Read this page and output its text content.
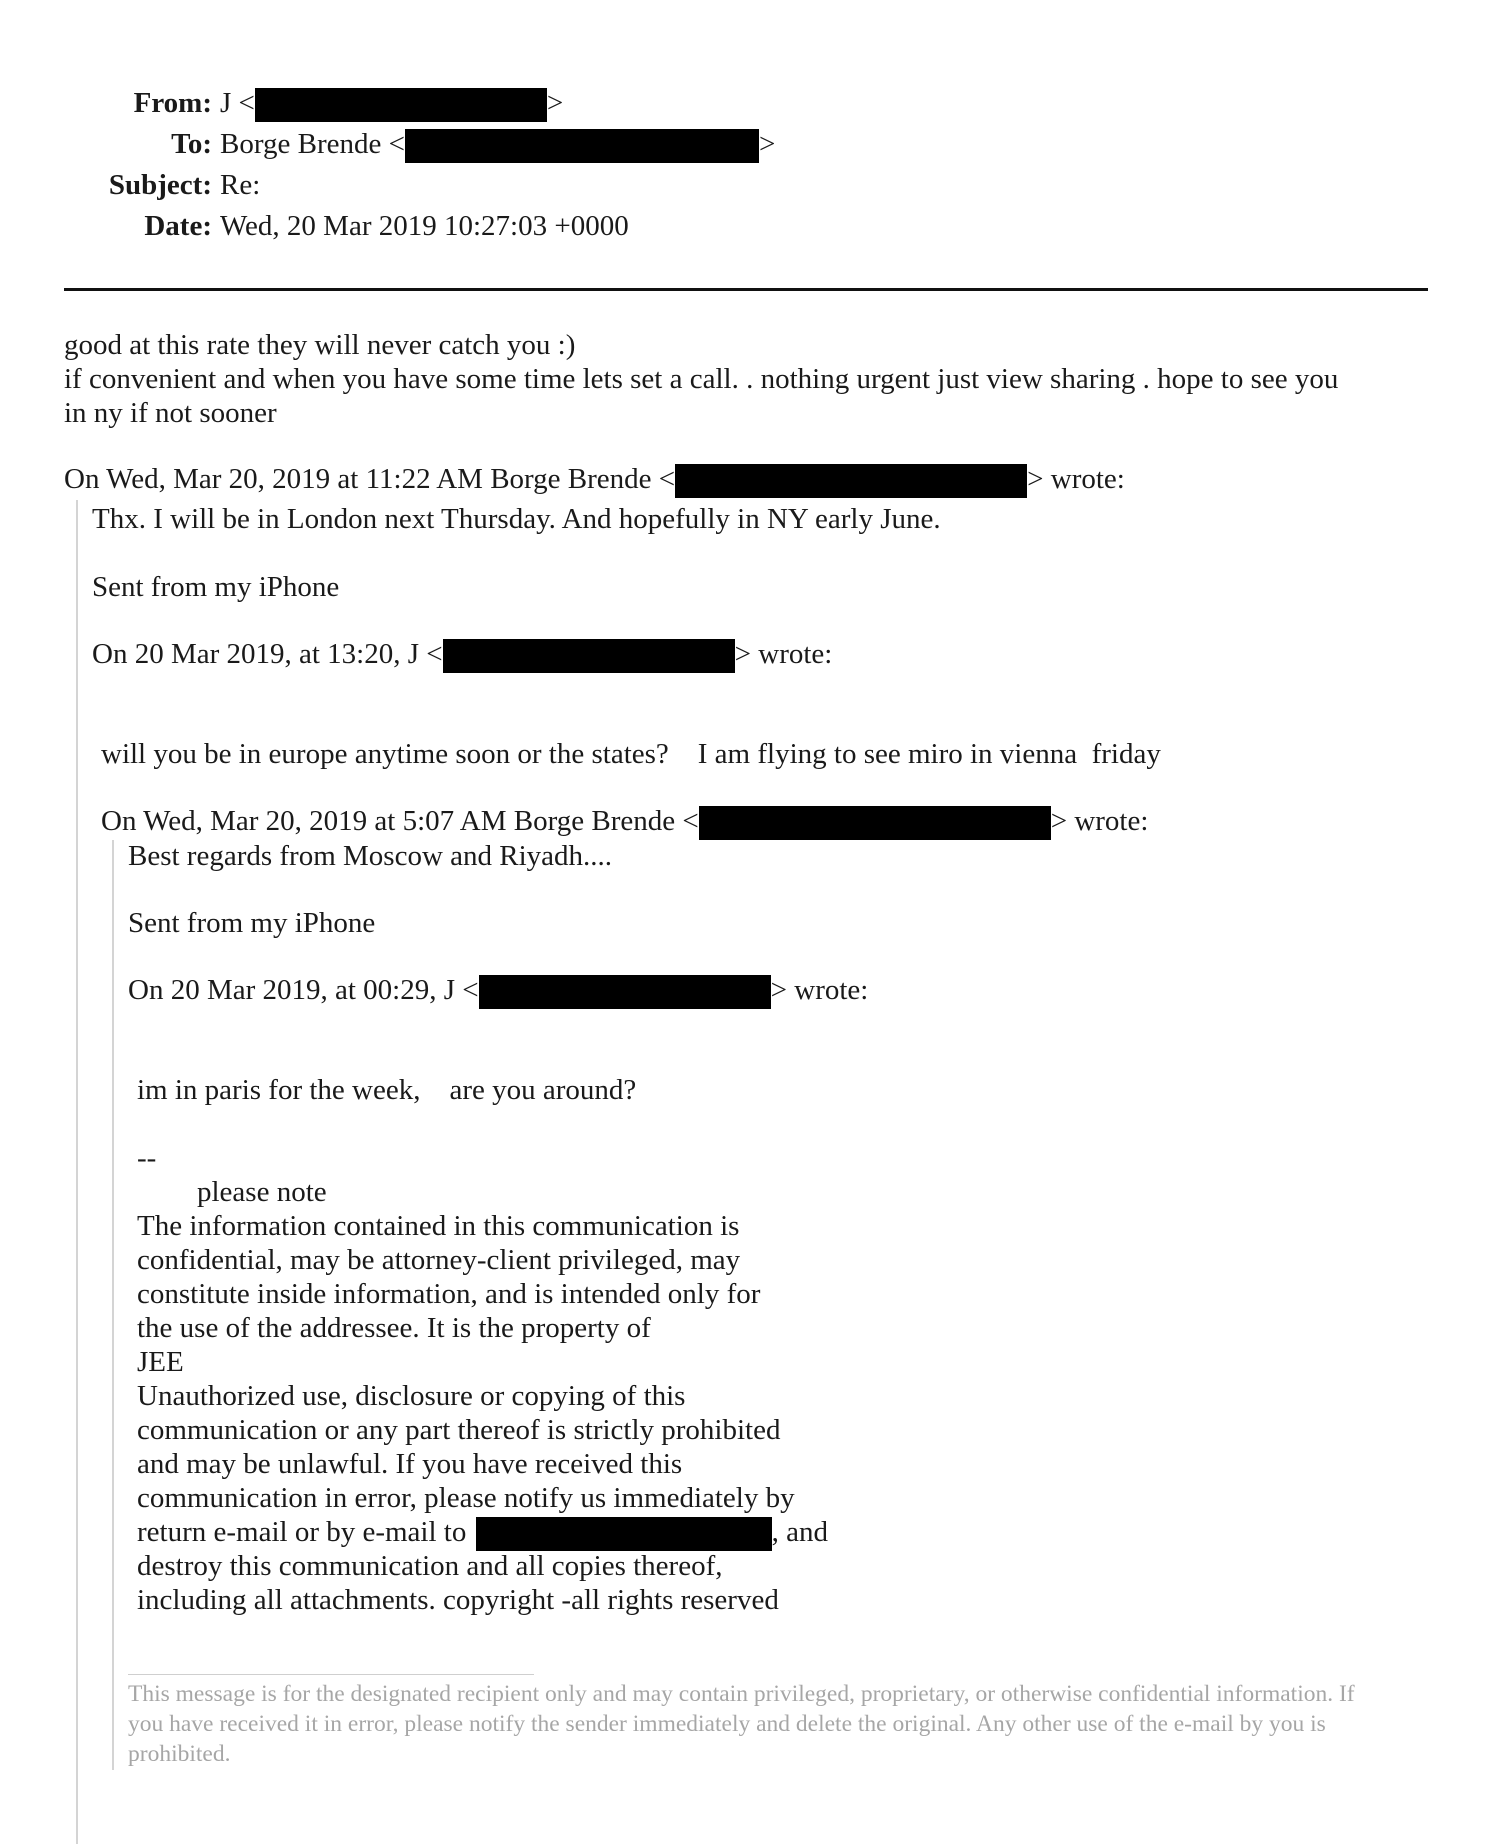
From: J <	>
To: Borge Brende <	>
Subject: Re:
Date: Wed, 20 Mar 2019 10:27:03 +0000
good at this rate they will never catch you :)
if convenient and when you have some time lets set a call. . nothing urgent just view sharing . hope to see you
in ny if not sooner
On Wed, Mar 20, 2019 at 11:22 AM Borge Brende <	> wrote:
Thx. I will be in London next Thursday. And hopefully in NY early June.
Sent from my iPhone
On 20 Mar 2019, at 13:20, J <	> wrote:
will you be in europe anytime soon or the states?    I am flying to see miro in vienna  friday
On Wed, Mar 20, 2019 at 5:07 AM Borge Brende <	> wrote:
Best regards from Moscow and Riyadh....
Sent from my iPhone
On 20 Mar 2019, at 00:29, J <	> wrote:
im in paris for the week,    are you around?
--
please note
The information contained in this communication is
confidential, may be attorney-client privileged, may
constitute inside information, and is intended only for
the use of the addressee. It is the property of
JEE
Unauthorized use, disclosure or copying of this
communication or any part thereof is strictly prohibited
and may be unlawful. If you have received this
communication in error, please notify us immediately by
return e-mail or by e-mail to	, and
destroy this communication and all copies thereof,
including all attachments. copyright -all rights reserved
This message is for the designated recipient only and may contain privileged, proprietary, or otherwise confidential information. If
you have received it in error, please notify the sender immediately and delete the original. Any other use of the e-mail by you is
prohibited.
